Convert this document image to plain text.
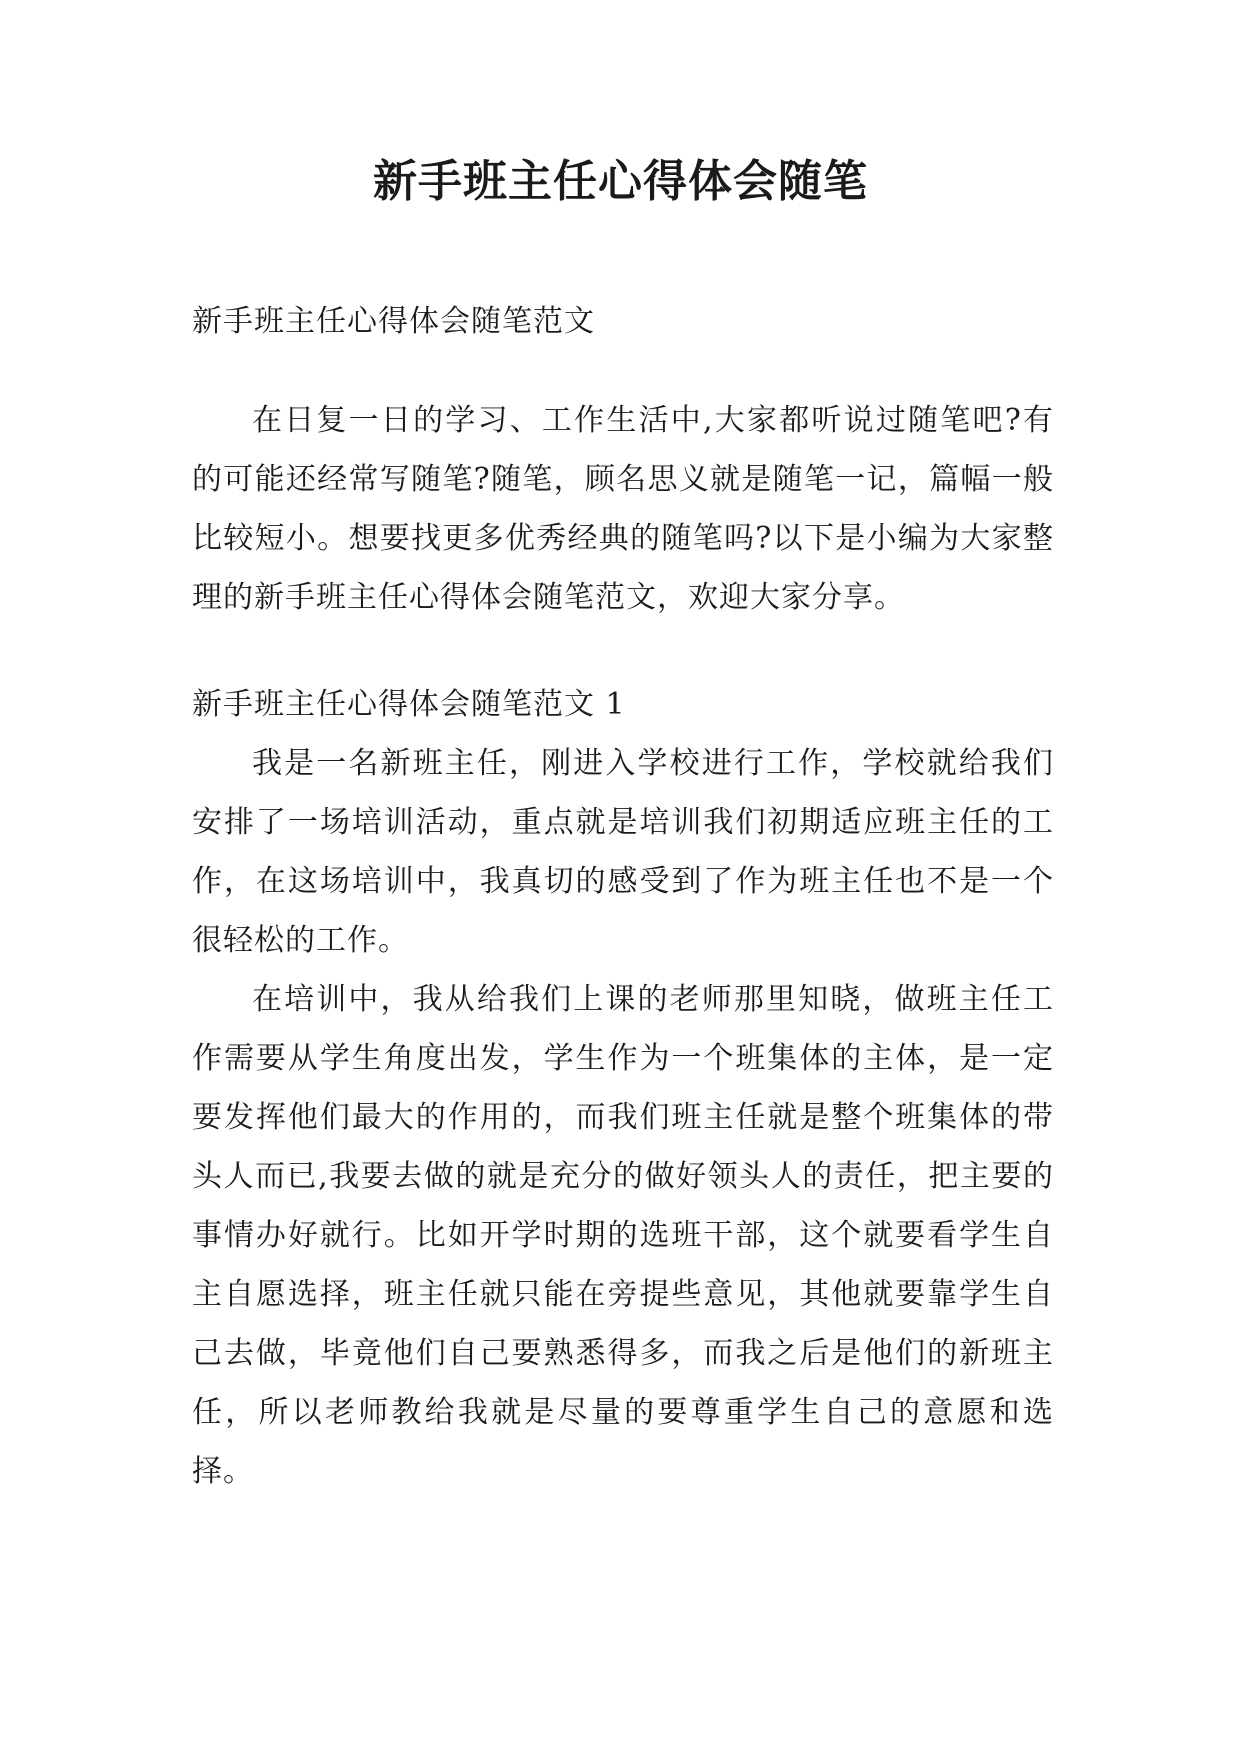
新手班主任心得体会随笔

新手班主任心得体会随笔范文

在日复一日的学习、工作生活中,大家都听说过随笔吧?有的可能还经常写随笔?随笔，顾名思义就是随笔一记，篇幅一般比较短小。想要找更多优秀经典的随笔吗?以下是小编为大家整理的新手班主任心得体会随笔范文，欢迎大家分享。

新手班主任心得体会随笔范文 1

我是一名新班主任，刚进入学校进行工作，学校就给我们安排了一场培训活动，重点就是培训我们初期适应班主任的工作，在这场培训中，我真切的感受到了作为班主任也不是一个很轻松的工作。

在培训中，我从给我们上课的老师那里知晓，做班主任工作需要从学生角度出发，学生作为一个班集体的主体，是一定要发挥他们最大的作用的，而我们班主任就是整个班集体的带头人而已,我要去做的就是充分的做好领头人的责任，把主要的事情办好就行。比如开学时期的选班干部，这个就要看学生自主自愿选择，班主任就只能在旁提些意见，其他就要靠学生自己去做，毕竟他们自己要熟悉得多，而我之后是他们的新班主任，所以老师教给我就是尽量的要尊重学生自己的意愿和选择。
